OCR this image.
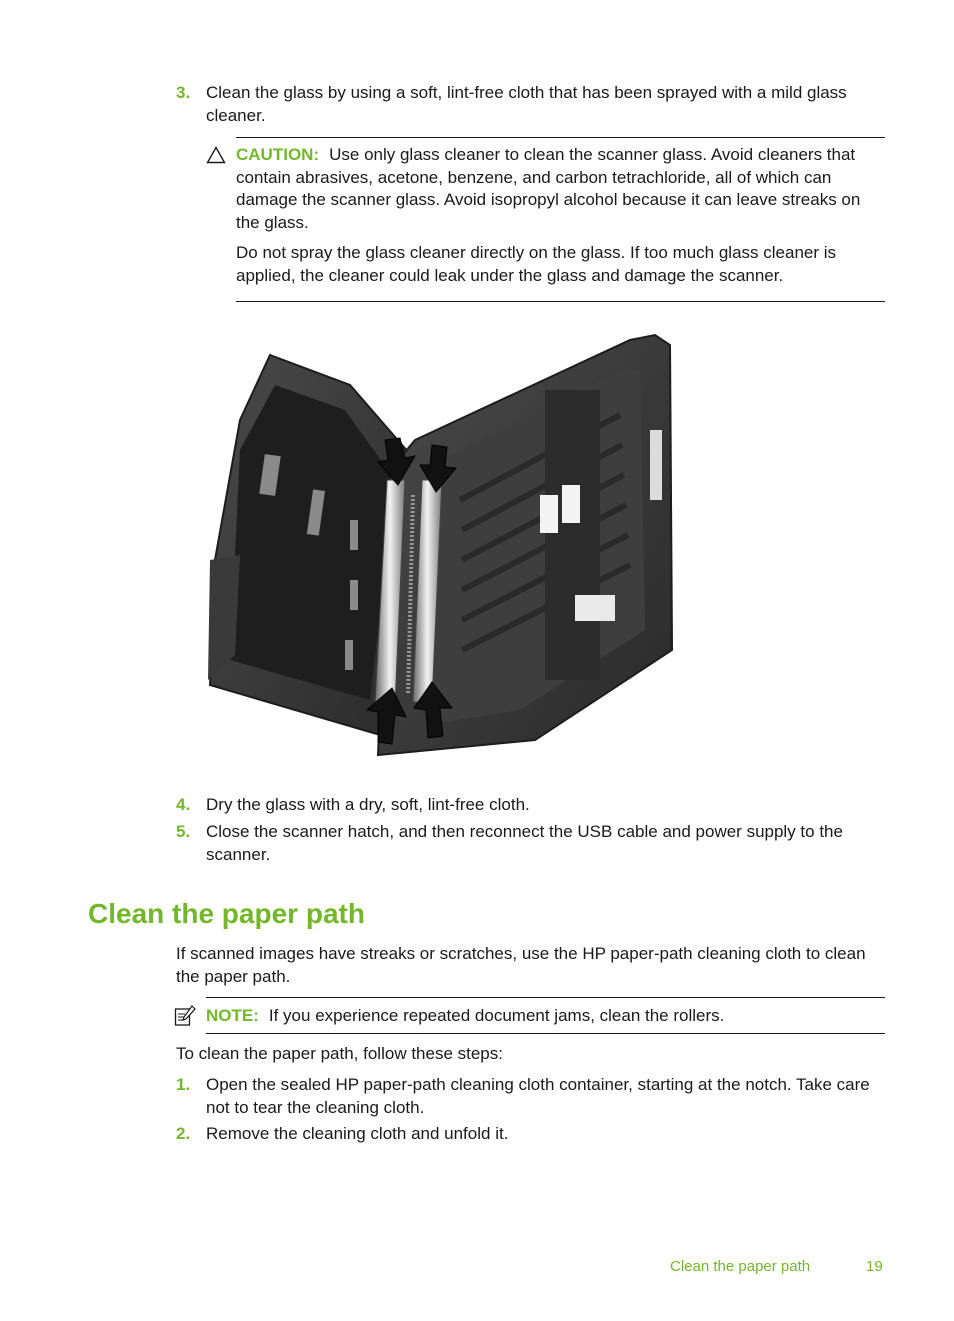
3. Clean the glass by using a soft, lint-free cloth that has been sprayed with a mild glass cleaner.
CAUTION: Use only glass cleaner to clean the scanner glass. Avoid cleaners that contain abrasives, acetone, benzene, and carbon tetrachloride, all of which can damage the scanner glass. Avoid isopropyl alcohol because it can leave streaks on the glass.
Do not spray the glass cleaner directly on the glass. If too much glass cleaner is applied, the cleaner could leak under the glass and damage the scanner.
4. Dry the glass with a dry, soft, lint-free cloth.
5. Close the scanner hatch, and then reconnect the USB cable and power supply to the scanner.
Clean the paper path
If scanned images have streaks or scratches, use the HP paper-path cleaning cloth to clean the paper path.
NOTE: If you experience repeated document jams, clean the rollers.
To clean the paper path, follow these steps:
1. Open the sealed HP paper-path cleaning cloth container, starting at the notch. Take care not to tear the cleaning cloth.
2. Remove the cleaning cloth and unfold it.
Clean the paper path	19
